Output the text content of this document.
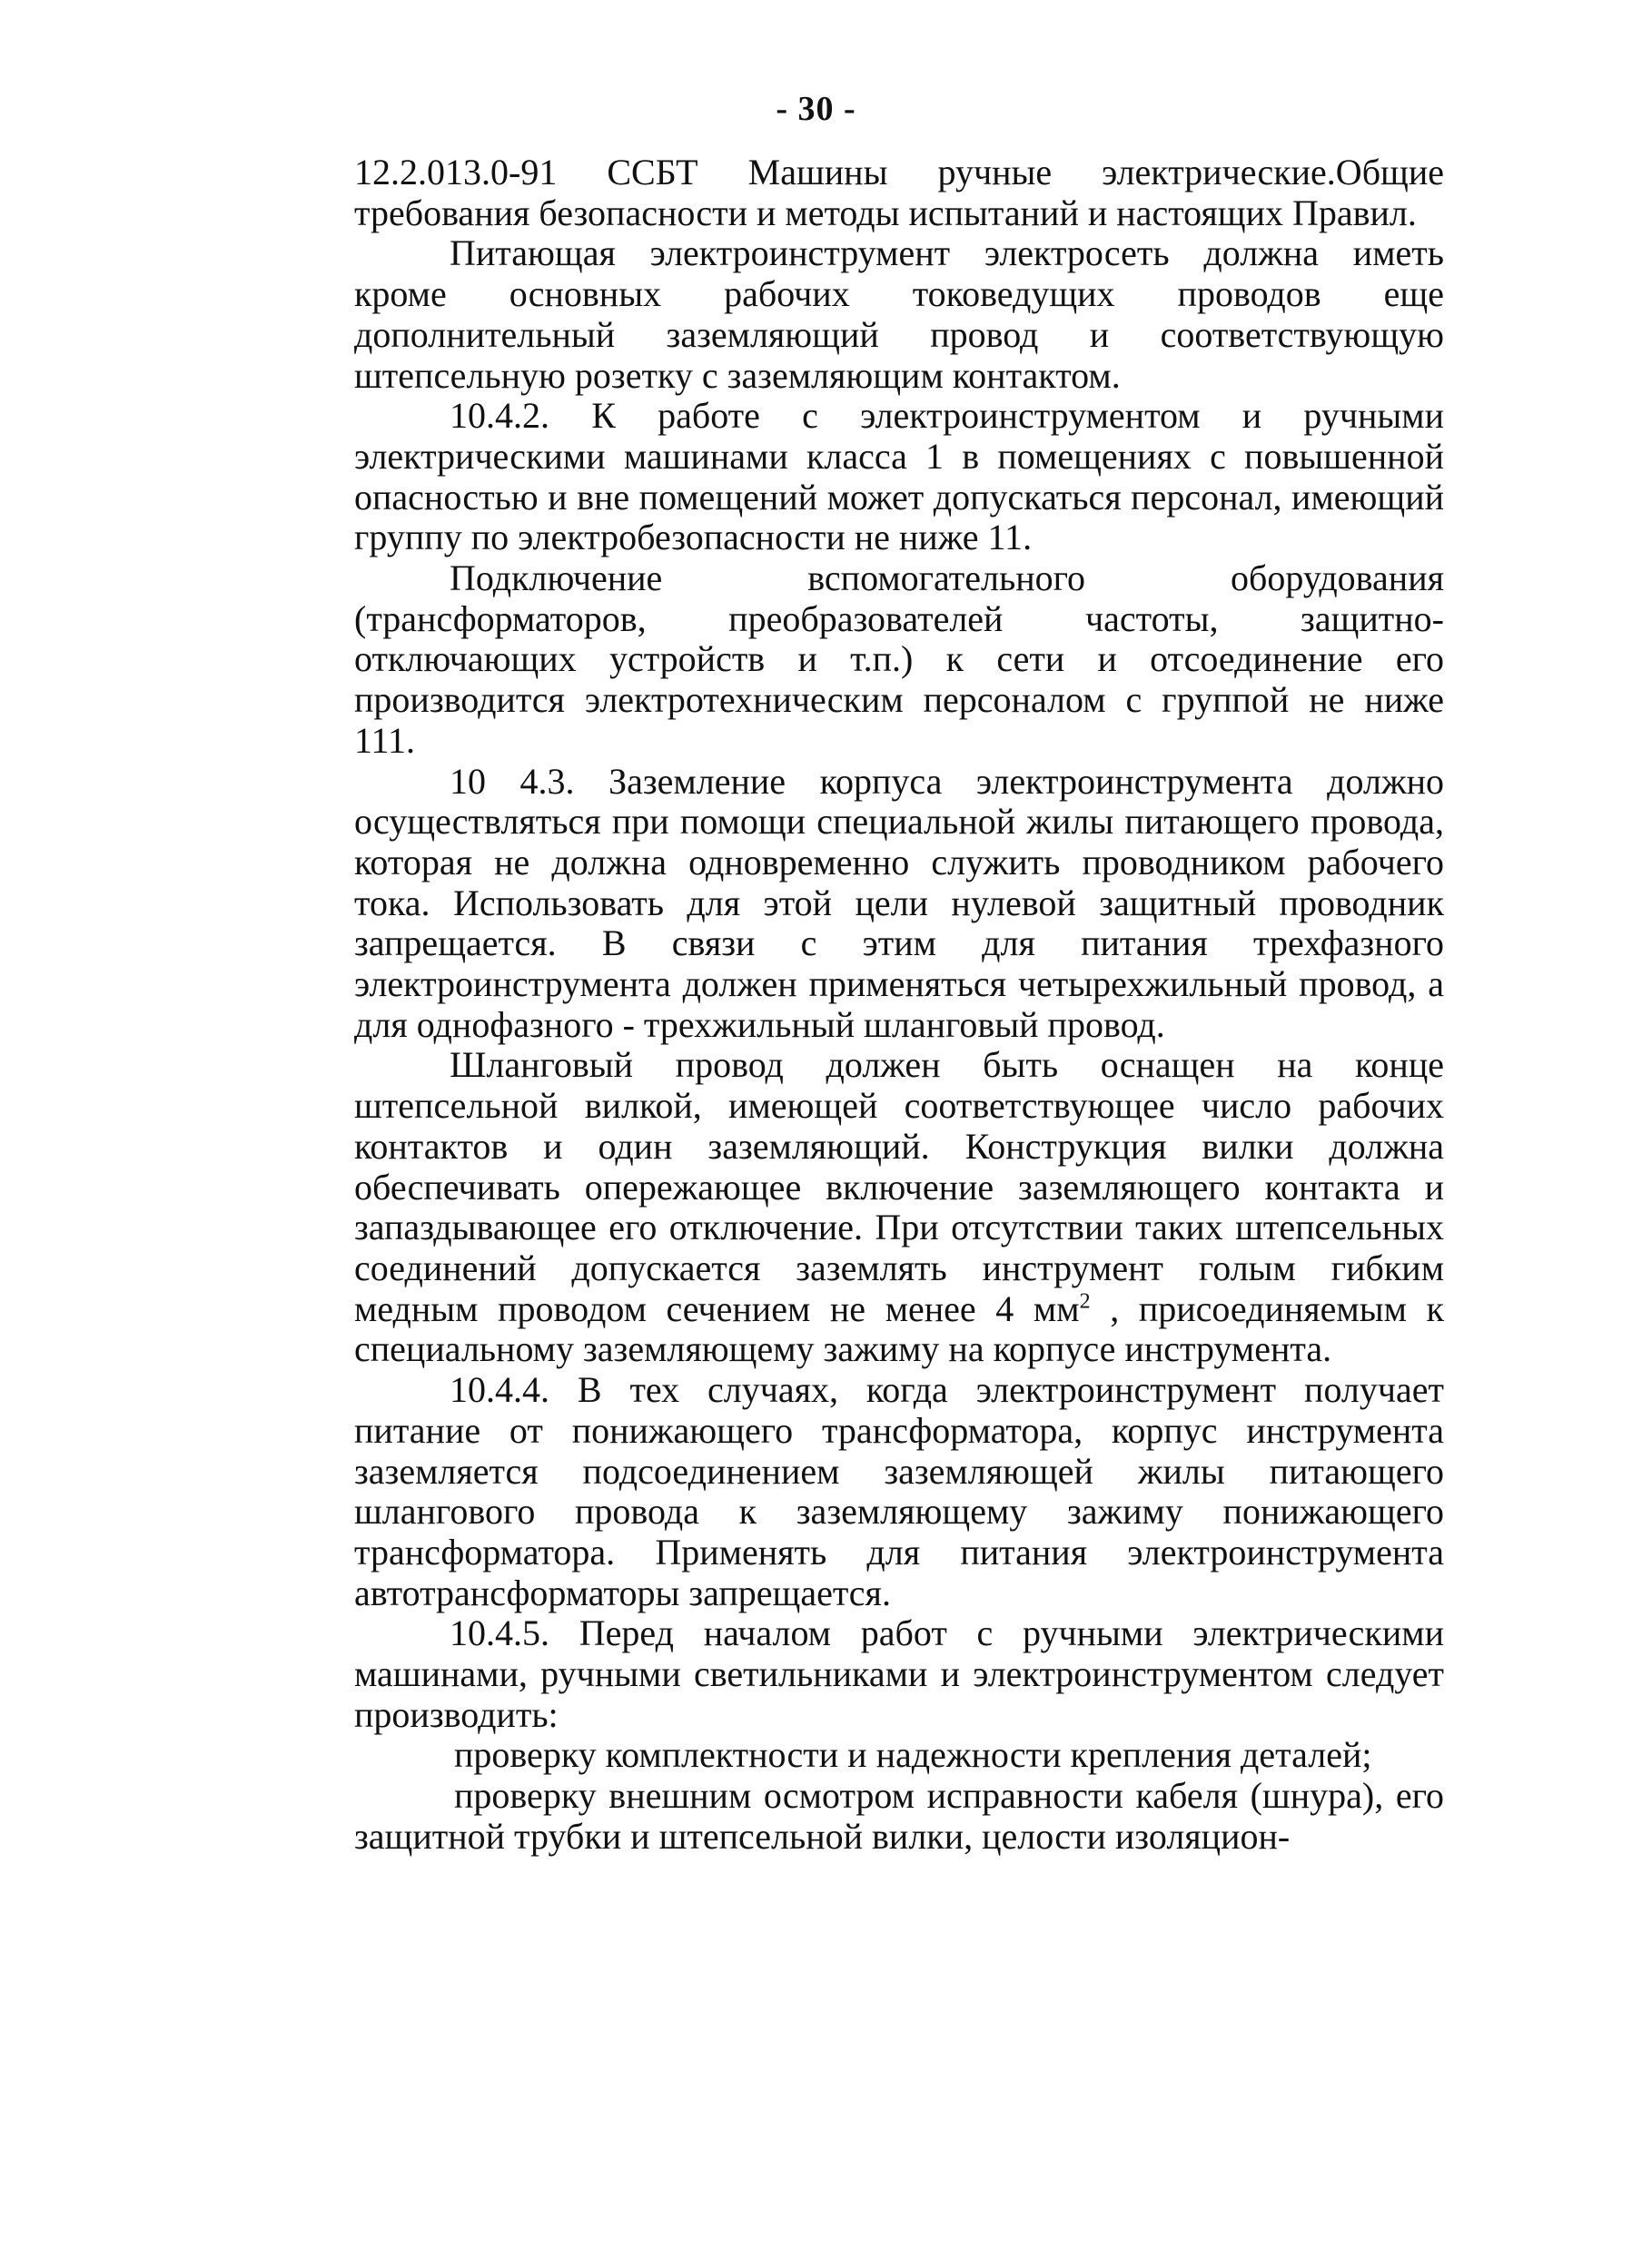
- 30 -

12.2.013.0-91 ССБТ Машины ручные электрические.Общие требования безопасности и методы испытаний и настоящих Правил.

Питающая электроинструмент электросеть должна иметь кроме основных рабочих токоведущих проводов еще дополнительный заземляющий провод и соответствующую штепсельную розетку с заземляющим контактом.

10.4.2. К работе с электроинструментом и ручными электрическими машинами класса 1 в помещениях с повышенной опасностью и вне помещений может допускаться персонал, имеющий группу по электробезопасности не ниже 11.

Подключение вспомогательного оборудования (трансформаторов, преобразователей частоты, защитно-отключающих устройств и т.п.) к сети и отсоединение его производится электротехническим персоналом с группой не ниже 111.

10 4.3. Заземление корпуса электроинструмента должно осуществляться при помощи специальной жилы питающего провода, которая не должна одновременно служить проводником рабочего тока. Использовать для этой цели нулевой защитный проводник запрещается. В связи с этим для питания трехфазного электроинструмента должен применяться четырехжильный провод, а для однофазного - трехжильный шланговый провод.

Шланговый провод должен быть оснащен на конце штепсельной вилкой, имеющей соответствующее число рабочих контактов и один заземляющий. Конструкция вилки должна обеспечивать опережающее включение заземляющего контакта и запаздывающее его отключение. При отсутствии таких штепсельных соединений допускается заземлять инструмент голым гибким медным проводом сечением не менее 4 $мм^2$ , присоединяемым к специальному заземляющему зажиму на корпусе инструмента.

10.4.4. В тех случаях, когда электроинструмент получает питание от понижающего трансформатора, корпус инструмента заземляется подсоединением заземляющей жилы питающего шлангового провода к заземляющему зажиму понижающего трансформатора. Применять для питания электроинструмента автотрансформаторы запрещается.

10.4.5. Перед началом работ с ручными электрическими машинами, ручными светильниками и электроинструментом следует производить:

проверку комплектности и надежности крепления деталей;

проверку внешним осмотром исправности кабеля (шнура), его защитной трубки и штепсельной вилки, целости изоляцион-
